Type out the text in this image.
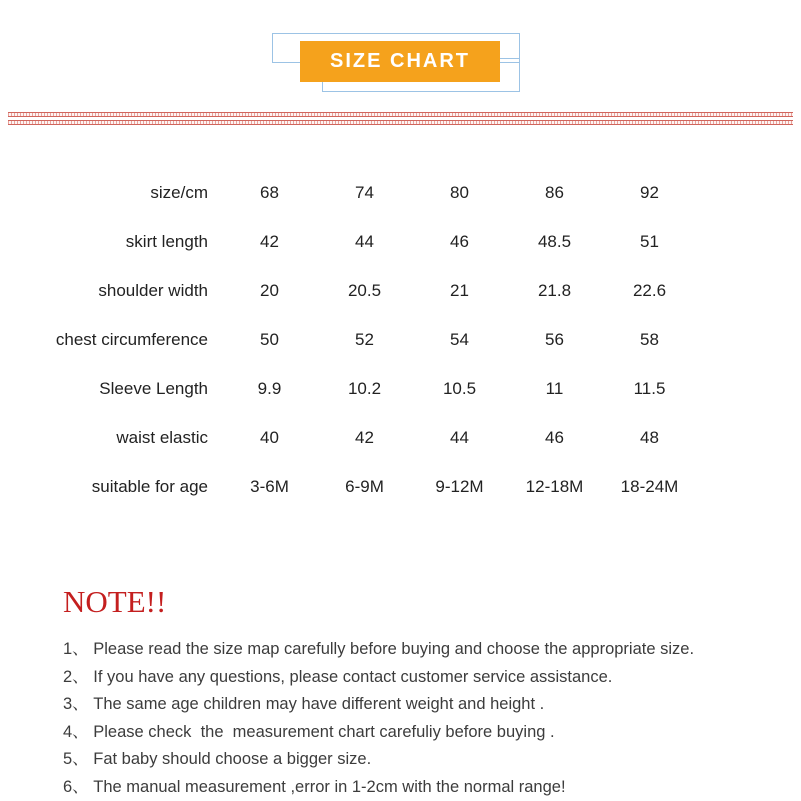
SIZE CHART
size/cm	68	74	80	86	92
skirt length	42	44	46	48.5	51
shoulder width	20	20.5	21	21.8	22.6
chest circumference	50	52	54	56	58
Sleeve Length	9.9	10.2	10.5	11	11.5
waist elastic	40	42	44	46	48
suitable for age	3-6M	6-9M	9-12M	12-18M	18-24M
NOTE!!
1、 Please read the size map carefully before buying and choose the appropriate size.
2、 If you have any questions, please contact customer service assistance.
3、 The same age children may have different weight and height .
4、 Please check  the  measurement chart carefuliy before buying .
5、 Fat baby should choose a bigger size.
6、 The manual measurement ,error in 1-2cm with the normal range!
